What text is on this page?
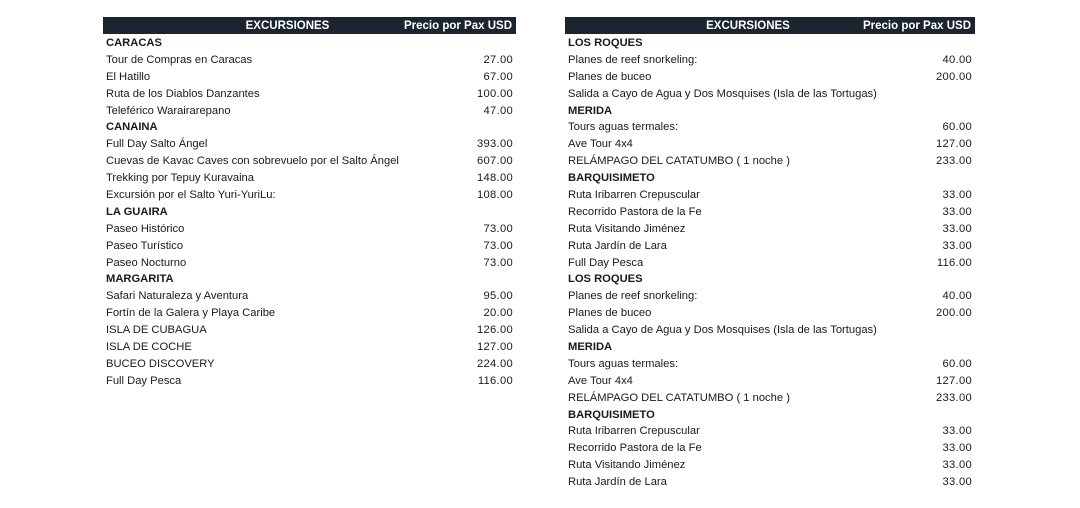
EXCURSIONES	Precio por Pax USD
CARACAS
Tour de Compras en Caracas	27.00
El Hatillo	67.00
Ruta de los Diablos Danzantes	100.00
Teleférico Warairarepano	47.00
CANAINA
Full Day Salto Ángel	393.00
Cuevas de Kavac Caves con sobrevuelo por el Salto Ángel	607.00
Trekking por Tepuy Kuravaina	148.00
Excursión por el Salto Yuri-YuriLu:	108.00
LA GUAIRA
Paseo Histórico	73.00
Paseo Turístico	73.00
Paseo Nocturno	73.00
MARGARITA
Safari Naturaleza y Aventura	95.00
Fortín de la Galera y Playa Caribe	20.00
ISLA DE CUBAGUA	126.00
ISLA DE COCHE	127.00
BUCEO DISCOVERY	224.00
Full Day Pesca	116.00
EXCURSIONES	Precio por Pax USD
LOS ROQUES
Planes de reef snorkeling:	40.00
Planes de buceo	200.00
Salida a Cayo de Agua y Dos Mosquises (Isla de las Tortugas)
MERIDA
Tours aguas termales:	60.00
Ave Tour 4x4	127.00
RELÁMPAGO DEL CATATUMBO ( 1 noche )	233.00
BARQUISIMETO
Ruta Iribarren Crepuscular	33.00
Recorrido Pastora de la Fe	33.00
Ruta Visitando Jiménez	33.00
Ruta Jardín de Lara	33.00
Full Day Pesca	116.00
LOS ROQUES
Planes de reef snorkeling:	40.00
Planes de buceo	200.00
Salida a Cayo de Agua y Dos Mosquises (Isla de las Tortugas)
MERIDA
Tours aguas termales:	60.00
Ave Tour 4x4	127.00
RELÁMPAGO DEL CATATUMBO ( 1 noche )	233.00
BARQUISIMETO
Ruta Iribarren Crepuscular	33.00
Recorrido Pastora de la Fe	33.00
Ruta Visitando Jiménez	33.00
Ruta Jardín de Lara	33.00
